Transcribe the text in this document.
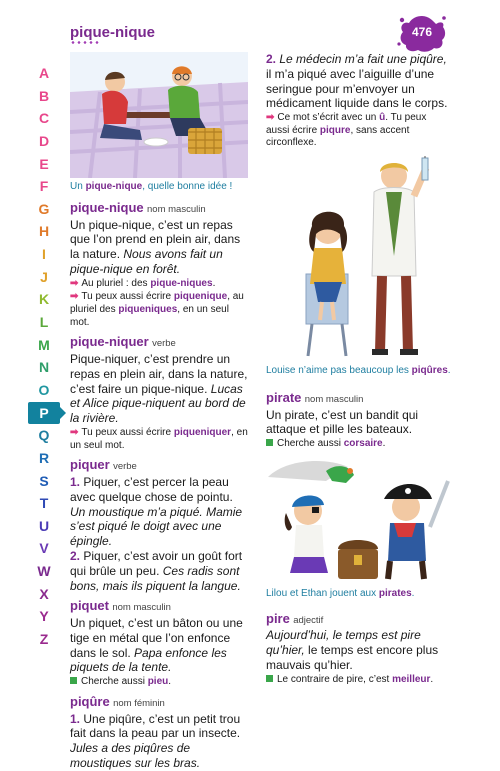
pique-nique	476
A
B
C
D
E
F
G
H
I
J
K
L
M
N
O
P
Q
R
S
T
U
V
W
X
Y
Z
Un pique-nique, quelle bonne idée !
pique-nique nom masculin

Un pique-nique, c’est un repas que l’on prend en plein air, dans la nature. Nous avons fait un pique-nique en forêt.

➡ Au pluriel : des pique-niques.

➡ Tu peux aussi écrire piquenique, au pluriel des piqueniques, en un seul mot.

pique-niquer verbe

Pique-niquer, c’est prendre un repas en plein air, dans la nature, c’est faire un pique-nique. Lucas et Alice pique-niquent au bord de la rivière.

➡ Tu peux aussi écrire piqueniquer, en un seul mot.

piquer verbe

1. Piquer, c’est percer la peau avec quelque chose de pointu. Un moustique m’a piqué. Mamie s’est piqué le doigt avec une épingle.

2. Piquer, c’est avoir un goût fort qui brûle un peu. Ces radis sont bons, mais ils piquent la langue.

piquet nom masculin

Un piquet, c’est un bâton ou une tige en métal que l’on enfonce dans le sol. Papa enfonce les piquets de la tente.

Cherche aussi pieu.

piqûre nom féminin

1. Une piqûre, c’est un petit trou fait dans la peau par un insecte. Jules a des piqûres de moustiques sur les bras.

2. Le médecin m’a fait une piqûre, il m’a piqué avec l’aiguille d’une seringue pour m’envoyer un médicament liquide dans le corps.

➡ Ce mot s’écrit avec un û. Tu peux aussi écrire piqure, sans accent circonflexe.

Louise n’aime pas beaucoup les piqûres.
pirate nom masculin

Un pirate, c’est un bandit qui attaque et pille les bateaux.

Cherche aussi corsaire.

Lilou et Ethan jouent aux pirates.
pire adjectif

Aujourd’hui, le temps est pire qu’hier, le temps est encore plus mauvais qu’hier.

Le contraire de pire, c’est meilleur.
